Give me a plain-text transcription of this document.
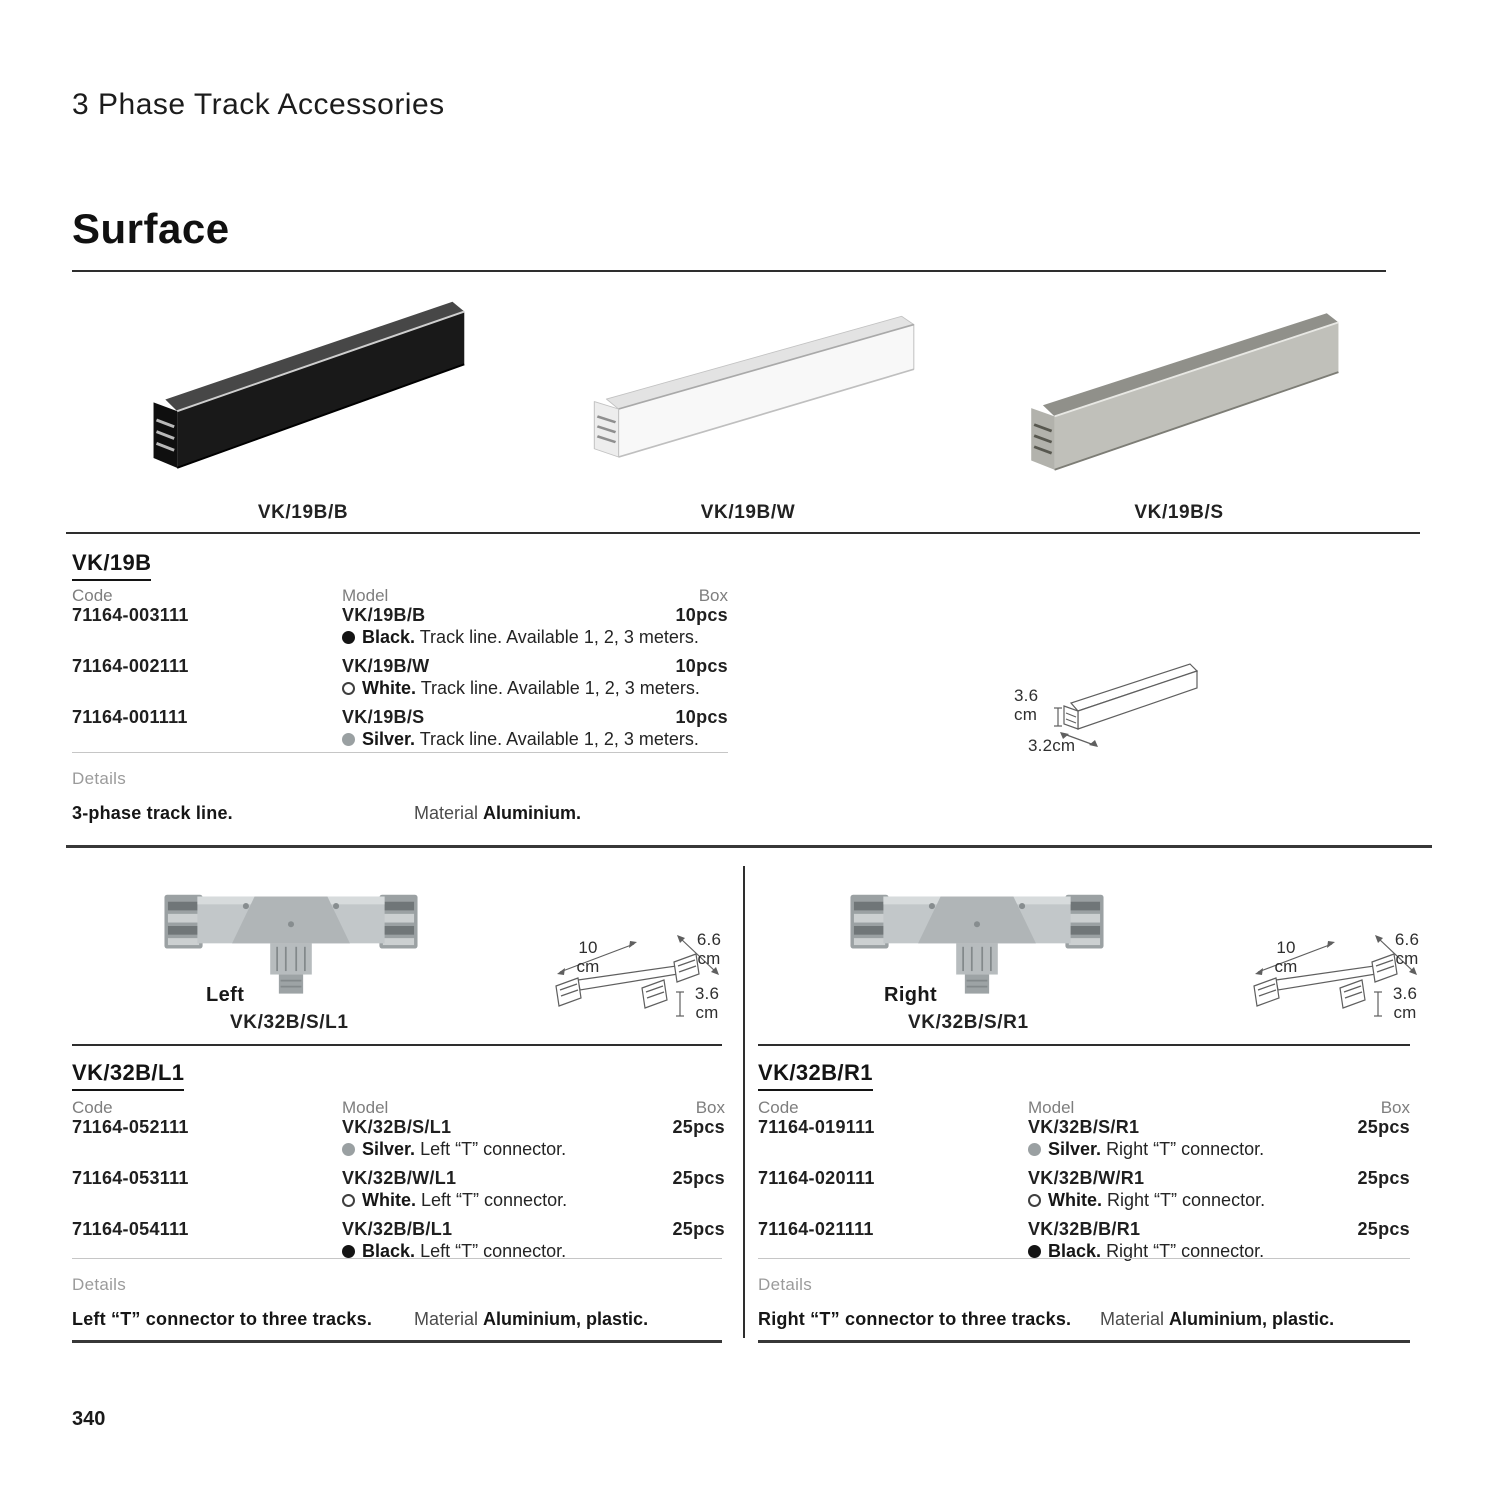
3 Phase Track Accessories
Surface
VK/19B/B	VK/19B/W	VK/19B/S
VK/19B
Code	Model	Box
71164-003111	VK/19B/B	10pcs
Black. Track line. Available 1, 2, 3 meters.
71164-002111	VK/19B/W	10pcs
White. Track line. Available 1, 2, 3 meters.
71164-001111	VK/19B/S	10pcs
Silver. Track line. Available 1, 2, 3 meters.
3.6
cm
3.2cm
Details
3-phase track line.	Material Aluminium.
Left
VK/32B/S/L1
10
cm
6.6
cm
3.6
cm
Right
VK/32B/S/R1
10
cm
6.6
cm
3.6
cm
VK/32B/L1
Code	Model	Box
71164-052111	VK/32B/S/L1	25pcs
Silver. Left “T” connector.
71164-053111	VK/32B/W/L1	25pcs
White. Left “T” connector.
71164-054111	VK/32B/B/L1	25pcs
Black. Left “T” connector.
Details
Left “T” connector to three tracks.	Material Aluminium, plastic.
VK/32B/R1
Code	Model	Box
71164-019111	VK/32B/S/R1	25pcs
Silver. Right “T” connector.
71164-020111	VK/32B/W/R1	25pcs
White. Right “T” connector.
71164-021111	VK/32B/B/R1	25pcs
Black. Right “T” connector.
Details
Right “T” connector to three tracks.	Material Aluminium, plastic.
340
